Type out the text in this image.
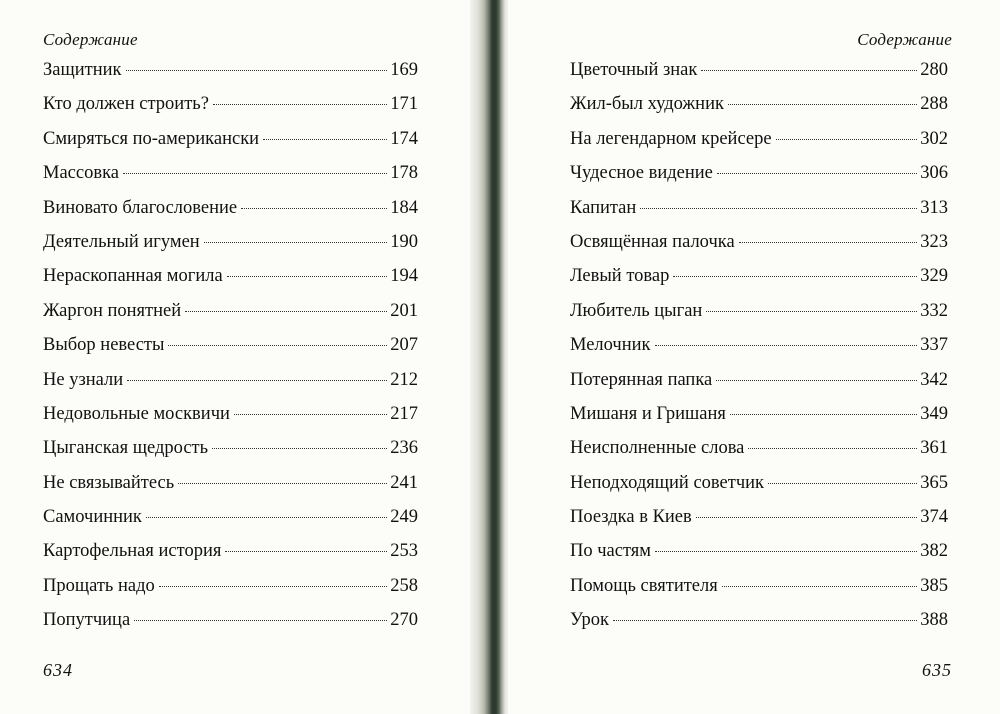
Содержание
Защитник	169
Кто должен строить?	171
Смиряться по-американски	174
Массовка	178
Виновато благословение	184
Деятельный игумен	190
Нераскопанная могила	194
Жаргон понятней	201
Выбор невесты	207
Не узнали	212
Недовольные москвичи	217
Цыганская щедрость	236
Не связывайтесь	241
Самочинник	249
Картофельная история	253
Прощать надо	258
Попутчица	270
634
Содержание
Цветочный знак	280
Жил-был художник	288
На легендарном крейсере	302
Чудесное видение	306
Капитан	313
Освящённая палочка	323
Левый товар	329
Любитель цыган	332
Мелочник	337
Потерянная папка	342
Мишаня и Гришаня	349
Неисполненные слова	361
Неподходящий советчик	365
Поездка в Киев	374
По частям	382
Помощь святителя	385
Урок	388
635
